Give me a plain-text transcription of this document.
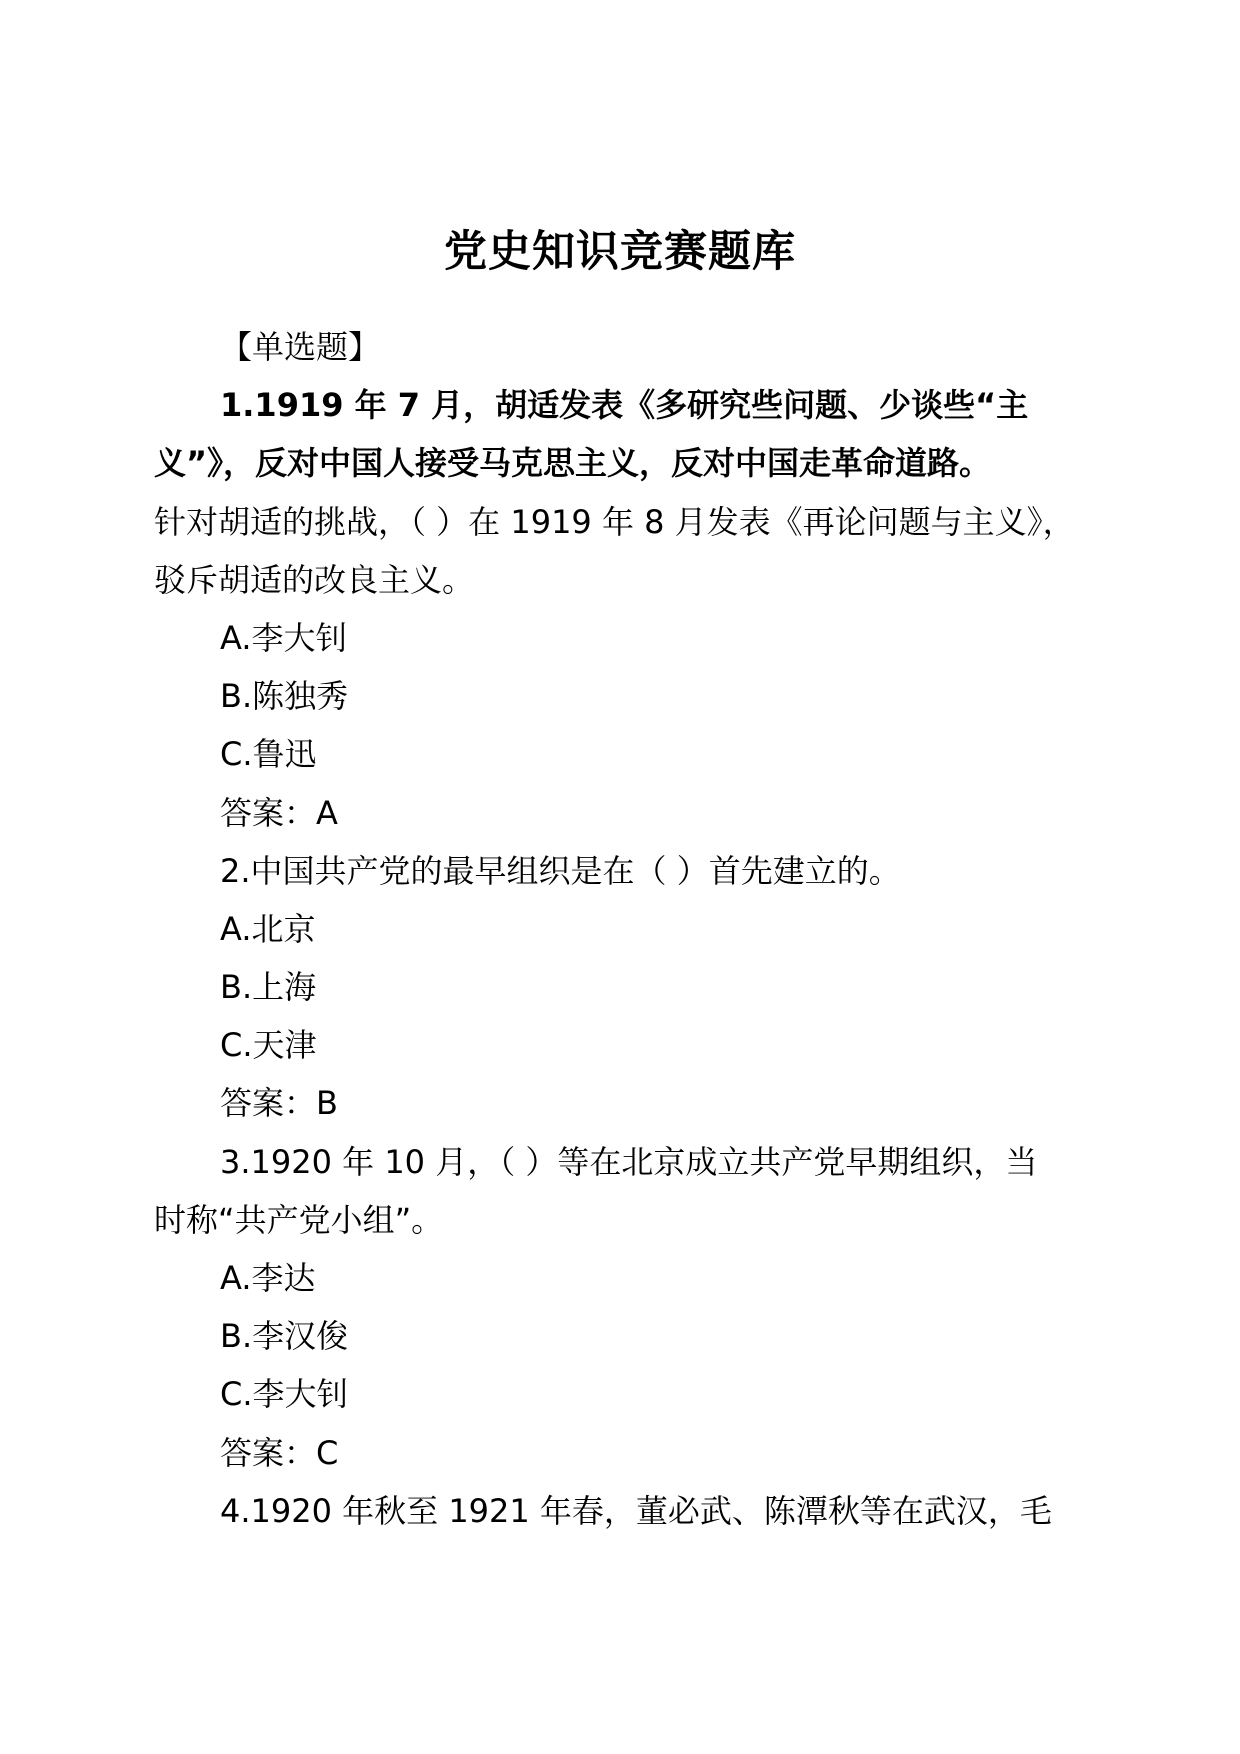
党史知识竞赛题库
【单选题】
1.1919 年 7 月，胡适发表《多研究些问题、少谈些“主
义”》，反对中国人接受马克思主义，反对中国走革命道路。
针对胡适的挑战，（ ）在 1919 年 8 月发表《再论问题与主义》，
驳斥胡适的改良主义。
A.李大钊
B.陈独秀
C.鲁迅
答案：A
2.中国共产党的最早组织是在（ ）首先建立的。
A.北京
B.上海
C.天津
答案：B
3.1920 年 10 月，（ ）等在北京成立共产党早期组织，当
时称“共产党小组”。
A.李达
B.李汉俊
C.李大钊
答案：C
4.1920 年秋至 1921 年春，董必武、陈潭秋等在武汉，毛
